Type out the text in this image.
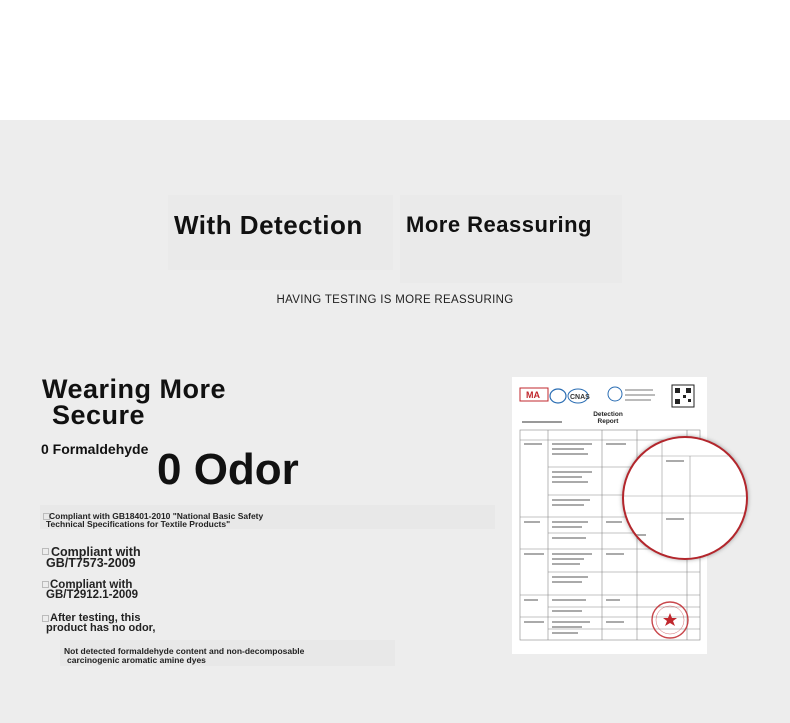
With Detection More Reassuring
HAVING TESTING IS MORE REASSURING
Wearing More
Secure
0 Formaldehyde 0 Odor
Compliant with GB18401-2010 "National Basic Safety
Technical Specifications for Textile Products"
Compliant with
GB/T7573-2009
Compliant with
GB/T2912.1-2009
After testing, this
product has no odor,
Not detected formaldehyde content and non-decomposable
carcinogenic aromatic amine dyes
MA	CNAS
Detection
Report
